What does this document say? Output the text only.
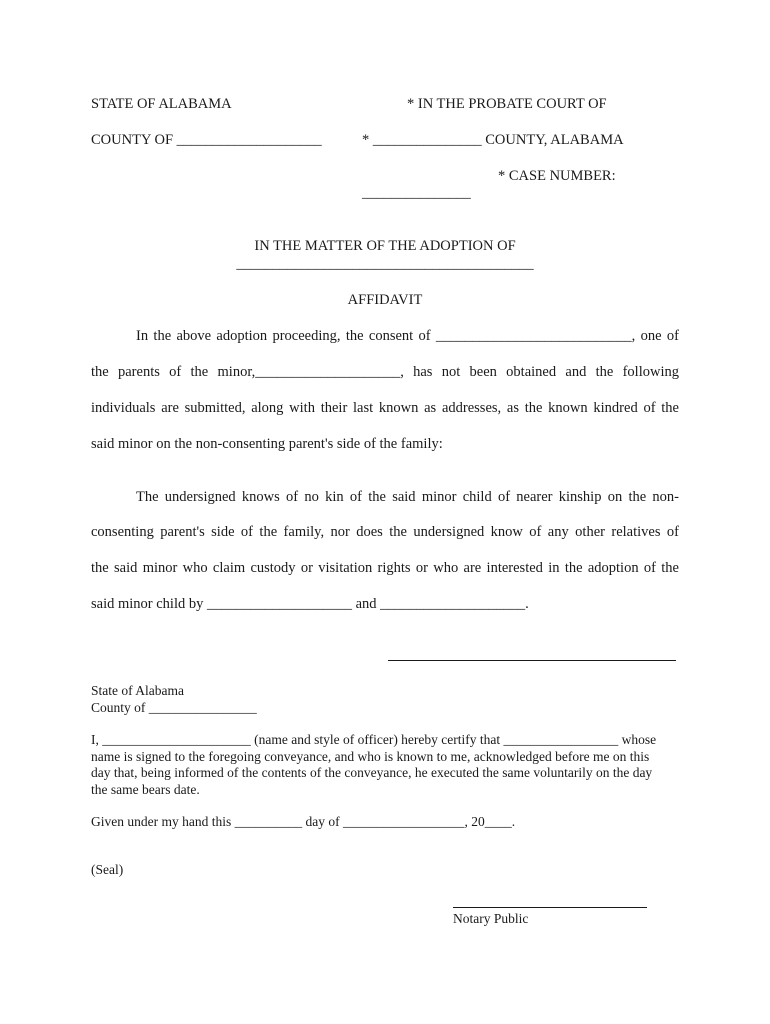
STATE OF ALABAMA	* IN THE PROBATE COURT OF
COUNTY OF ____________________	* _______________ COUNTY, ALABAMA
* CASE NUMBER:
_______________
IN THE MATTER OF THE ADOPTION OF
_________________________________________
AFFIDAVIT
In the above adoption proceeding, the consent of ___________________________, one of
the parents of the minor,____________________, has not been obtained and the following
individuals are submitted, along with their last known as addresses, as the known kindred of the
said minor on the non-consenting parent's side of the family:
The undersigned knows of no kin of the said minor child of nearer kinship on the non-
consenting parent's side of the family, nor does the undersigned know of any other relatives of
the said minor who claim custody or visitation rights or who are interested in the adoption of the
said minor child by ____________________ and ____________________.

State of Alabama

County of ________________

I, ______________________ (name and style of officer) hereby certify that _________________ whose

name is signed to the foregoing conveyance, and who is known to me, acknowledged before me on this

day that, being informed of the contents of the conveyance, he executed the same voluntarily on the day

the same bears date.

Given under my hand this __________ day of __________________, 20____.
(Seal)
Notary Public
